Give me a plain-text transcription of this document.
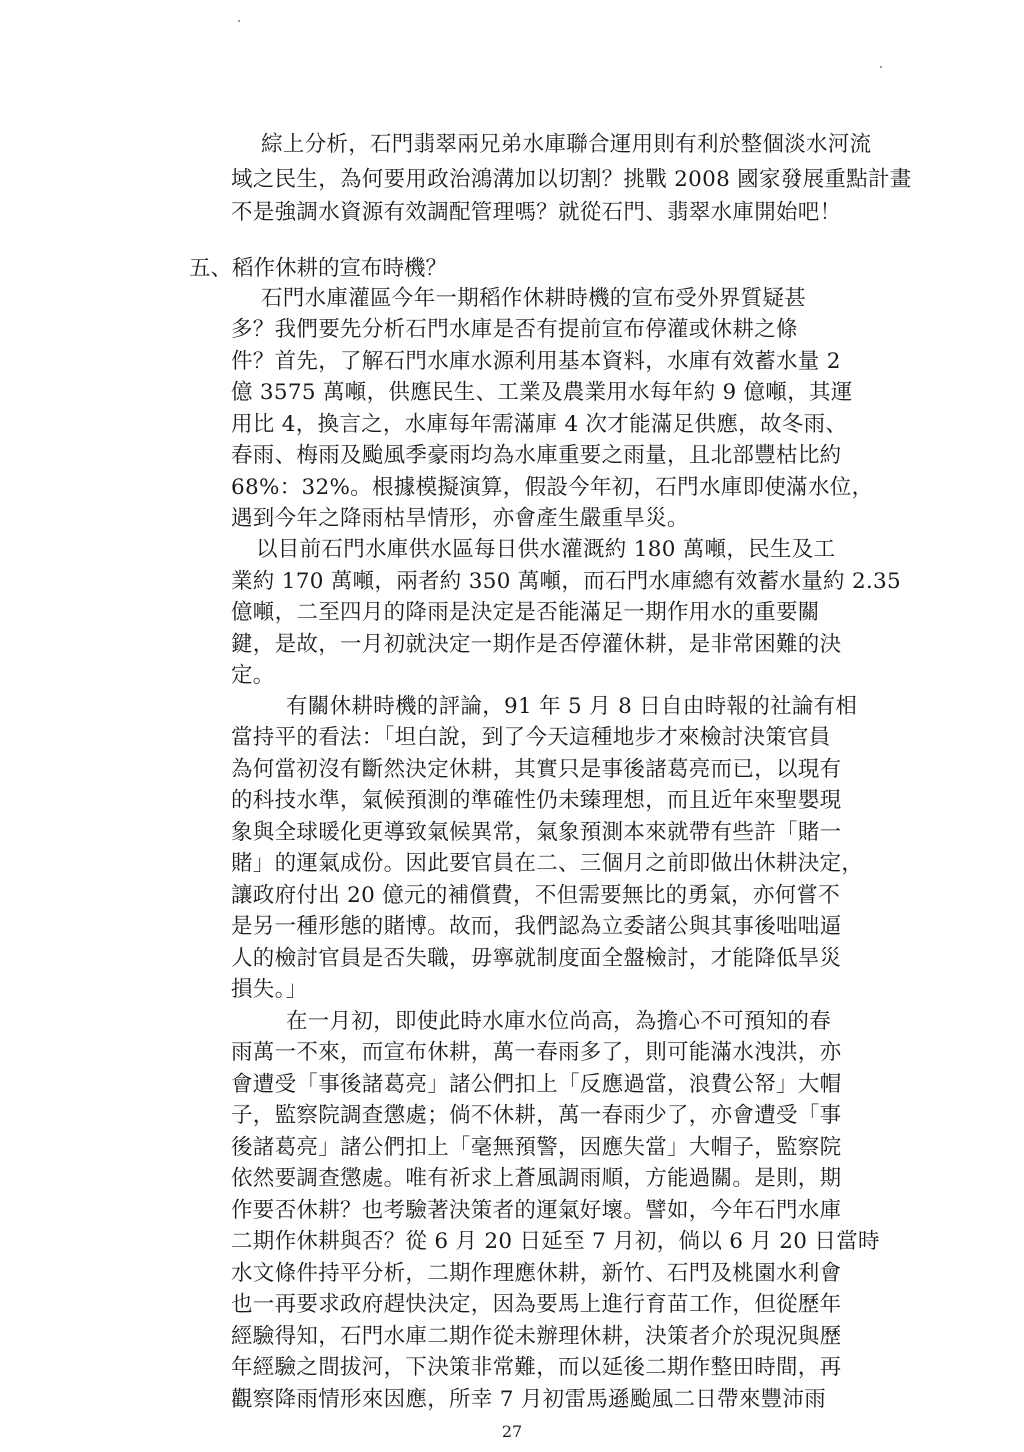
綜上分析，石門翡翠兩兄弟水庫聯合運用則有利於整個淡水河流
域之民生，為何要用政治鴻溝加以切割？挑戰 2008 國家發展重點計畫
不是強調水資源有效調配管理嗎？就從石門、翡翠水庫開始吧！
五、稻作休耕的宣布時機？
石門水庫灌區今年一期稻作休耕時機的宣布受外界質疑甚
多？我們要先分析石門水庫是否有提前宣布停灌或休耕之條
件？首先，了解石門水庫水源利用基本資料，水庫有效蓄水量 2
億 3575 萬噸，供應民生、工業及農業用水每年約 9 億噸，其運
用比 4，換言之，水庫每年需滿庫 4 次才能滿足供應，故冬雨、
春雨、梅雨及颱風季豪雨均為水庫重要之雨量，且北部豐枯比約
68%：32%。根據模擬演算，假設今年初，石門水庫即使滿水位，
遇到今年之降雨枯旱情形，亦會產生嚴重旱災。
以目前石門水庫供水區每日供水灌溉約 180 萬噸，民生及工
業約 170 萬噸，兩者約 350 萬噸，而石門水庫總有效蓄水量約 2.35
億噸，二至四月的降雨是決定是否能滿足一期作用水的重要關
鍵，是故，一月初就決定一期作是否停灌休耕，是非常困難的決
定。
有關休耕時機的評論，91 年 5 月 8 日自由時報的社論有相
當持平的看法：「坦白說，到了今天這種地步才來檢討決策官員
為何當初沒有斷然決定休耕，其實只是事後諸葛亮而已，以現有
的科技水準，氣候預測的準確性仍未臻理想，而且近年來聖嬰現
象與全球暖化更導致氣候異常，氣象預測本來就帶有些許「賭一
賭」的運氣成份。因此要官員在二、三個月之前即做出休耕決定，
讓政府付出 20 億元的補償費，不但需要無比的勇氣，亦何嘗不
是另一種形態的賭博。故而，我們認為立委諸公與其事後咄咄逼
人的檢討官員是否失職，毋寧就制度面全盤檢討，才能降低旱災
損失。」
在一月初，即使此時水庫水位尚高，為擔心不可預知的春
雨萬一不來，而宣布休耕，萬一春雨多了，則可能滿水洩洪，亦
會遭受「事後諸葛亮」諸公們扣上「反應過當，浪費公帑」大帽
子，監察院調查懲處；倘不休耕，萬一春雨少了，亦會遭受「事
後諸葛亮」諸公們扣上「毫無預警，因應失當」大帽子，監察院
依然要調查懲處。唯有祈求上蒼風調雨順，方能過關。是則，期
作要否休耕？也考驗著決策者的運氣好壞。譬如，今年石門水庫
二期作休耕與否？從 6 月 20 日延至 7 月初，倘以 6 月 20 日當時
水文條件持平分析，二期作理應休耕，新竹、石門及桃園水利會
也一再要求政府趕快決定，因為要馬上進行育苗工作，但從歷年
經驗得知，石門水庫二期作從未辦理休耕，決策者介於現況與歷
年經驗之間拔河，下決策非常難，而以延後二期作整田時間，再
觀察降雨情形來因應，所幸 7 月初雷馬遜颱風二日帶來豐沛雨
27
